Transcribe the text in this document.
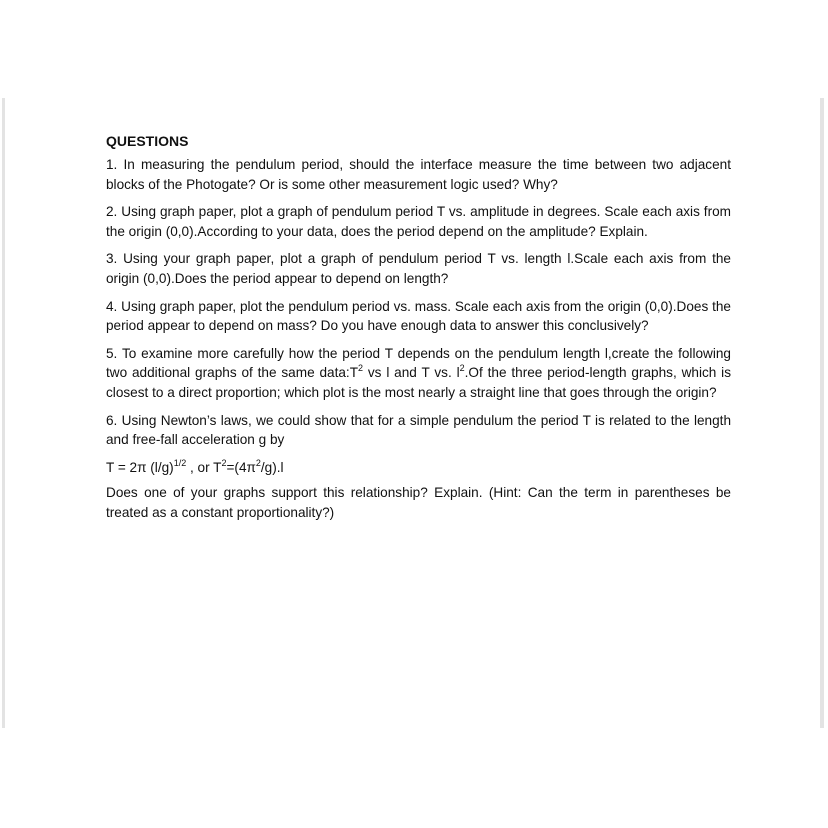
QUESTIONS

1. In measuring the pendulum period, should the interface measure the time between two adjacent blocks of the Photogate? Or is some other measurement logic used? Why?

2. Using graph paper, plot a graph of pendulum period T vs. amplitude in degrees. Scale each axis from the origin (0,0).According to your data, does the period depend on the amplitude? Explain.

3. Using your graph paper, plot a graph of pendulum period T vs. length l.Scale each axis from the origin (0,0).Does the period appear to depend on length?

4. Using graph paper, plot the pendulum period vs. mass. Scale each axis from the origin (0,0).Does the period appear to depend on mass? Do you have enough data to answer this conclusively?

5. To examine more carefully how the period T depends on the pendulum length l,create the following two additional graphs of the same $data:T^2$ vs l and T vs. $l^2.Of$ the three period-length graphs, which is closest to a direct proportion; which plot is the most nearly a straight line that goes through the origin?

6. Using Newton’s laws, we could show that for a simple pendulum the period T is related to the length and free-fall acceleration g by

T = 2π $(l/g)^{1/2}$ , or $T^2=(4\pi^2/g).l$

Does one of your graphs support this relationship? Explain. (Hint: Can the term in parentheses be treated as a constant proportionality?)
